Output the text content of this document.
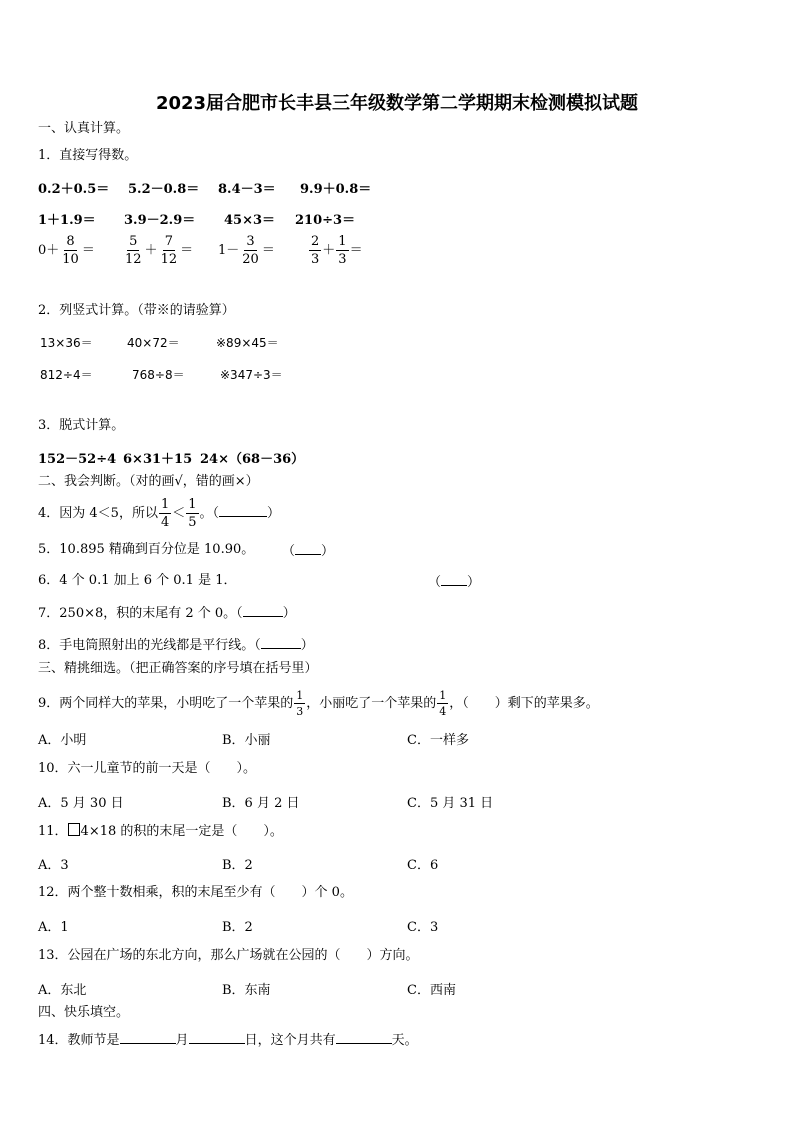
2023届合肥市长丰县三年级数学第二学期期末检测模拟试题
一、认真计算。
1．直接写得数。
0.2＋0.5＝ 5.2－0.8＝ 8.4－3＝ 9.9＋0.8＝
1＋1.9＝ 3.9－2.9＝ 45×3＝ 210÷3＝
$0+ \frac{8}{10} = \frac{5}{12} + \frac{7}{12} = 1- \frac{3}{20}$ ＝	$\frac{2}{3} + \frac{1}{3}$ ＝
2．列竖式计算。（带※的请验算）
13×36＝	40×72＝	※89×45＝
812÷4＝	768÷8＝	※347÷3＝
3．脱式计算。
152－52÷4 6×31＋15 24×（68－36）
二、我会判断。（对的画√，错的画×）
4．因为 4＜5，所以 $\frac{1}{4} < \frac{1}{5}$ 。（	）
5．10.895 精确到百分位是 10.90。 （ ）
6．4 个 0.1 加上 6 个 0.1 是 1．	（ ）
7．250×8，积的末尾有 2 个 0。（	）
8．手电筒照射出的光线都是平行线。（	）
三、精挑细选。（把正确答案的序号填在括号里）
9．两个同样大的苹果，小明吃了一个苹果的 $\frac{1}{3}$ ，小丽吃了一个苹果的 $\frac{1}{4}$ ，（　　）剩下的苹果多。
A．小明	B．小丽	C．一样多
10．六一儿童节的前一天是（　　）。
A．5 月 30 日	B．6 月 2 日	C．5 月 31 日
11． 4×18 的积的末尾一定是（　　）。
A．3	B．2	C．6
12．两个整十数相乘，积的末尾至少有（　　）个 0。
A．1	B．2	C．3
13．公园在广场的东北方向，那么广场就在公园的（　　）方向。
A．东北	B．东南	C．西南
四、快乐填空。
14．教师节是	月	日，这个月共有	天。
